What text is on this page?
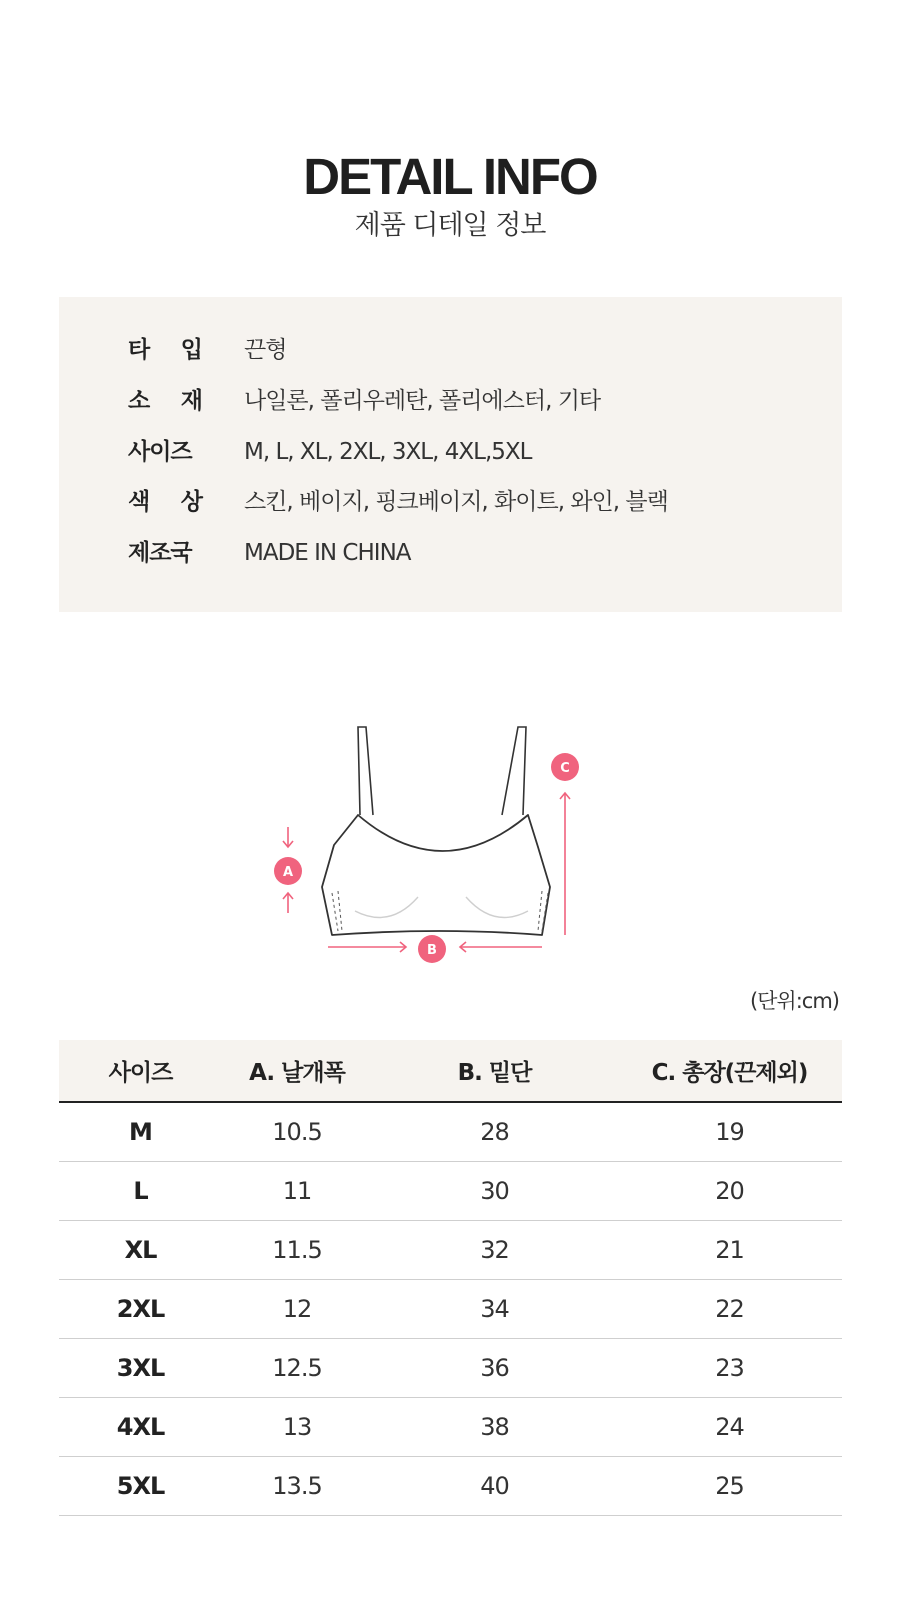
DETAIL INFO
제품 디테일 정보
타 입 끈형
소 재 나일론, 폴리우레탄, 폴리에스터, 기타
사이즈	M, L, XL, 2XL, 3XL, 4XL,5XL
색 상 스킨, 베이지, 핑크베이지, 화이트, 와인, 블랙
제조국	MADE IN CHINA
A
B
C
(단위:cm)
사이즈	A. 날개폭	B. 밑단	C. 총장(끈제외)
M	10.5	28	19
L	11	30	20
XL	11.5	32	21
2XL	12	34	22
3XL	12.5	36	23
4XL	13	38	24
5XL	13.5	40	25
